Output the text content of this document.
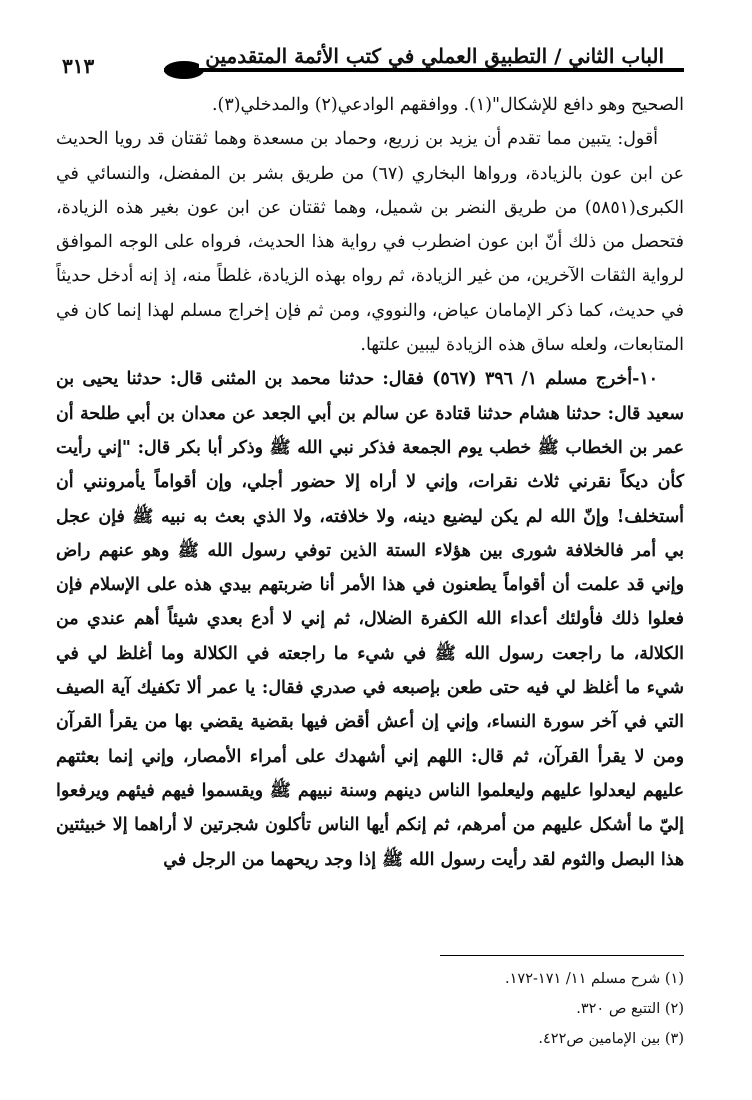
٣١٣	الباب الثاني / التطبيق العملي في كتب الأئمة المتقدمين

الصحيح وهو دافع للإشكال"(١). ووافقهم الوادعي(٢) والمدخلي(٣).

أقول: يتبين مما تقدم أن يزيد بن زريع، وحماد بن مسعدة وهما ثقتان قد رويا الحديث عن ابن عون بالزيادة، ورواها البخاري (٦٧) من طريق بشر بن المفضل، والنسائي في الكبرى(٥٨٥١) من طريق النضر بن شميل، وهما ثقتان عن ابن عون بغير هذه الزيادة، فتحصل من ذلك أنّ ابن عون اضطرب في رواية هذا الحديث، فرواه على الوجه الموافق لرواية الثقات الآخرين، من غير الزيادة، ثم رواه بهذه الزيادة، غلطاً منه، إذ إنه أدخل حديثاً في حديث، كما ذكر الإمامان عياض، والنووي، ومن ثم فإن إخراج مسلم لهذا إنما كان في المتابعات، ولعله ساق هذه الزيادة ليبين علتها.

١٠-أخرج مسلم ١/ ٣٩٦ (٥٦٧) فقال: حدثنا محمد بن المثنى قال: حدثنا يحيى بن سعيد قال: حدثنا هشام حدثنا قتادة عن سالم بن أبي الجعد عن معدان بن أبي طلحة أن عمر بن الخطاب ﷺ خطب يوم الجمعة فذكر نبي الله ﷺ وذكر أبا بكر قال: "إني رأيت كأن ديكاً نقرني ثلاث نقرات، وإني لا أراه إلا حضور أجلي، وإن أقواماً يأمرونني أن أستخلف! وإنّ الله لم يكن ليضيع دينه، ولا خلافته، ولا الذي بعث به نبيه ﷺ فإن عجل بي أمر فالخلافة شورى بين هؤلاء الستة الذين توفي رسول الله ﷺ وهو عنهم راض وإني قد علمت أن أقواماً يطعنون في هذا الأمر أنا ضربتهم بيدي هذه على الإسلام فإن فعلوا ذلك فأولئك أعداء الله الكفرة الضلال، ثم إني لا أدع بعدي شيئاً أهم عندي من الكلالة، ما راجعت رسول الله ﷺ في شيء ما راجعته في الكلالة وما أغلظ لي في شيء ما أغلظ لي فيه حتى طعن بإصبعه في صدري فقال: يا عمر ألا تكفيك آية الصيف التي في آخر سورة النساء، وإني إن أعش أقض فيها بقضية يقضي بها من يقرأ القرآن ومن لا يقرأ القرآن، ثم قال: اللهم إني أشهدك على أمراء الأمصار، وإني إنما بعثتهم عليهم ليعدلوا عليهم وليعلموا الناس دينهم وسنة نبيهم ﷺ ويقسموا فيهم فيئهم ويرفعوا إليّ ما أشكل عليهم من أمرهم، ثم إنكم أيها الناس تأكلون شجرتين لا أراهما إلا خبيثتين هذا البصل والثوم لقد رأيت رسول الله ﷺ إذا وجد ريحهما من الرجل في

(١) شرح مسلم ١١/ ١٧١-١٧٢.
(٢) التتبع ص ٣٢٠.
(٣) بين الإمامين ص٤٢٢.
